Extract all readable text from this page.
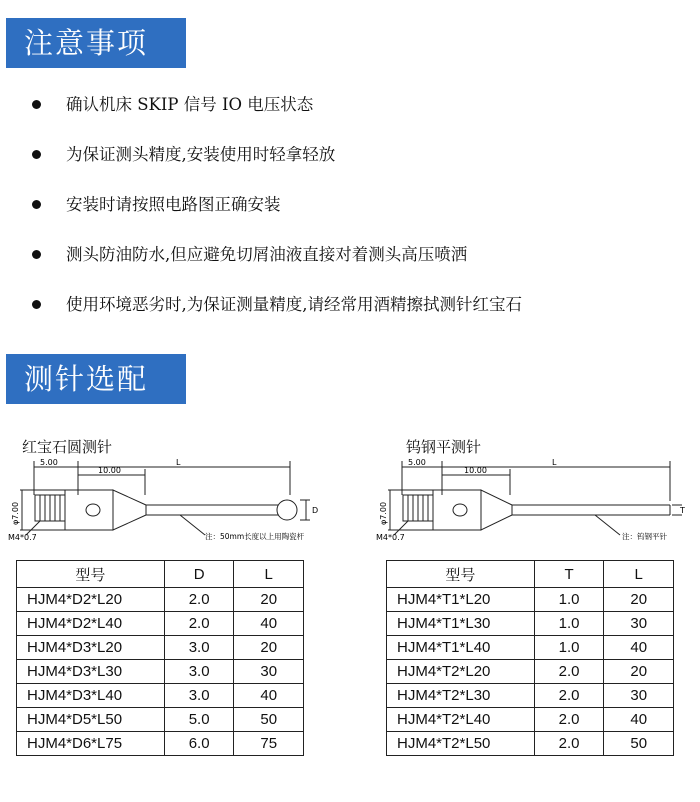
注意事项
确认机床 SKIP 信号 IO 电压状态
为保证测头精度,安装使用时轻拿轻放
安装时请按照电路图正确安装
测头防油防水,但应避免切屑油液直接对着测头高压喷洒
使用环境恶劣时,为保证测量精度,请经常用酒精擦拭测针红宝石
测针选配
红宝石圆测针
5.00
10.00
L
φ7.00	D
M4*0.7	注：50mm长度以上用陶瓷杆
型号	D	L
HJM4*D2*L20	2.0	20
HJM4*D2*L40	2.0	40
HJM4*D3*L20	3.0	20
HJM4*D3*L30	3.0	30
HJM4*D3*L40	3.0	40
HJM4*D5*L50	5.0	50
HJM4*D6*L75	6.0	75
钨钢平测针
5.00
10.00
L
φ7.00	T
M4*0.7	注：钨钢平针
型号	T	L
HJM4*T1*L20	1.0	20
HJM4*T1*L30	1.0	30
HJM4*T1*L40	1.0	40
HJM4*T2*L20	2.0	20
HJM4*T2*L30	2.0	30
HJM4*T2*L40	2.0	40
HJM4*T2*L50	2.0	50
